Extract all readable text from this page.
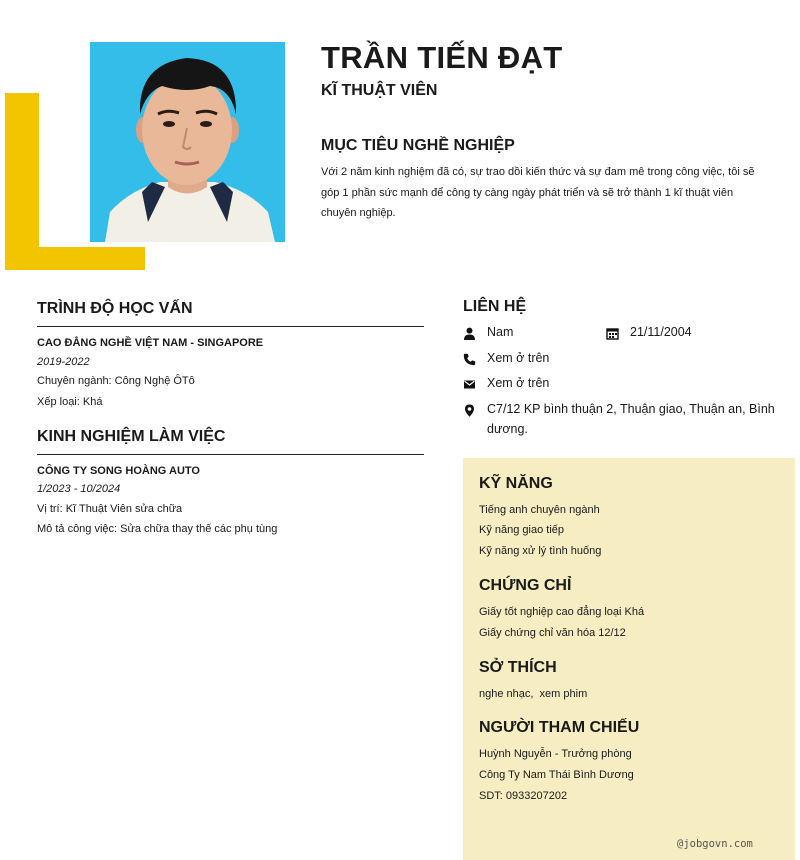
TRẦN TIẾN ĐẠT
KĨ THUẬT VIÊN
MỤC TIÊU NGHỀ NGHIỆP
Với 2 năm kinh nghiệm đã có, sự trao dồi kiến thức và sự đam mê trong công việc, tôi sẽ góp 1 phần sức mạnh để công ty càng ngày phát triển và sẽ trở thành 1 kĩ thuật viên chuyên nghiệp.
TRÌNH ĐỘ HỌC VẤN
CAO ĐẲNG NGHỀ VIỆT NAM - SINGAPORE
2019-2022
Chuyên ngành: Công Nghệ ÔTô
Xếp loại: Khá
KINH NGHIỆM LÀM VIỆC
CÔNG TY SONG HOÀNG AUTO
1/2023 - 10/2024
Vị trí: Kĩ Thuật Viên sửa chữa
Mô tả công việc: Sửa chữa thay thế các phụ tùng
LIÊN HỆ
Nam	21/11/2004
Xem ở trên
Xem ở trên
C7/12 KP bình thuận 2, Thuận giao, Thuận an, Bình dương.
KỸ NĂNG
Tiếng anh chuyên ngành
Kỹ năng giao tiếp
Kỹ năng xử lý tình huống
CHỨNG CHỈ
Giấy tốt nghiệp cao đẳng loại Khá
Giấy chứng chỉ văn hóa 12/12
SỞ THÍCH
nghe nhạc,  xem phim
NGƯỜI THAM CHIẾU
Huỳnh Nguyễn - Trưởng phòng
Công Ty Nam Thái Bình Dương
SDT: 0933207202
@jobgovn.com
